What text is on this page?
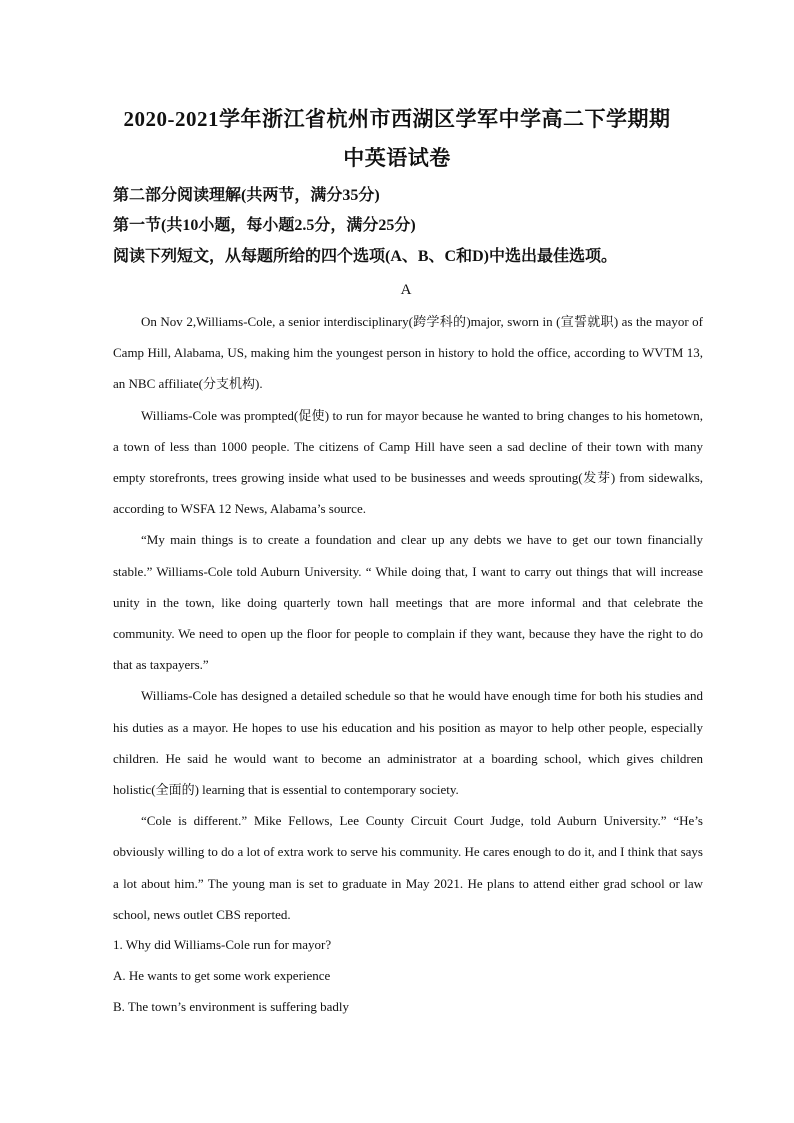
2020-2021学年浙江省杭州市西湖区学军中学高二下学期期
中英语试卷
第二部分阅读理解(共两节，满分35分)
第一节(共10小题，每小题2.5分，满分25分)
阅读下列短文，从每题所给的四个选项(A、B、C和D)中选出最佳选项。
A

On Nov 2,Williams-Cole, a senior interdisciplinary(跨学科的)major, sworn in (宣誓就职) as the mayor of Camp Hill, Alabama, US, making him the youngest person in history to hold the office, according to WVTM 13, an NBC affiliate(分支机构).

Williams-Cole was prompted(促使) to run for mayor because he wanted to bring changes to his hometown, a town of less than 1000 people. The citizens of Camp Hill have seen a sad decline of their town with many empty storefronts, trees growing inside what used to be businesses and weeds sprouting(发芽) from sidewalks, according to WSFA 12 News, Alabama’s source.

“My main things is to create a foundation and clear up any debts we have to get our town financially stable.” Williams-Cole told Auburn University. “ While doing that, I want to carry out things that will increase unity in the town, like doing quarterly town hall meetings that are more informal and that celebrate the community. We need to open up the floor for people to complain if they want, because they have the right to do that as taxpayers.”

Williams-Cole has designed a detailed schedule so that he would have enough time for both his studies and his duties as a mayor. He hopes to use his education and his position as mayor to help other people, especially children. He said he would want to become an administrator at a boarding school, which gives children holistic(全面的) learning that is essential to contemporary society.

“Cole is different.” Mike Fellows, Lee County Circuit Court Judge, told Auburn University.” “He’s obviously willing to do a lot of extra work to serve his community. He cares enough to do it, and I think that says a lot about him.” The young man is set to graduate in May 2021. He plans to attend either grad school or law school, news outlet CBS reported.

1. Why did Williams-Cole run for mayor?
A. He wants to get some work experience
B. The town’s environment is suffering badly
